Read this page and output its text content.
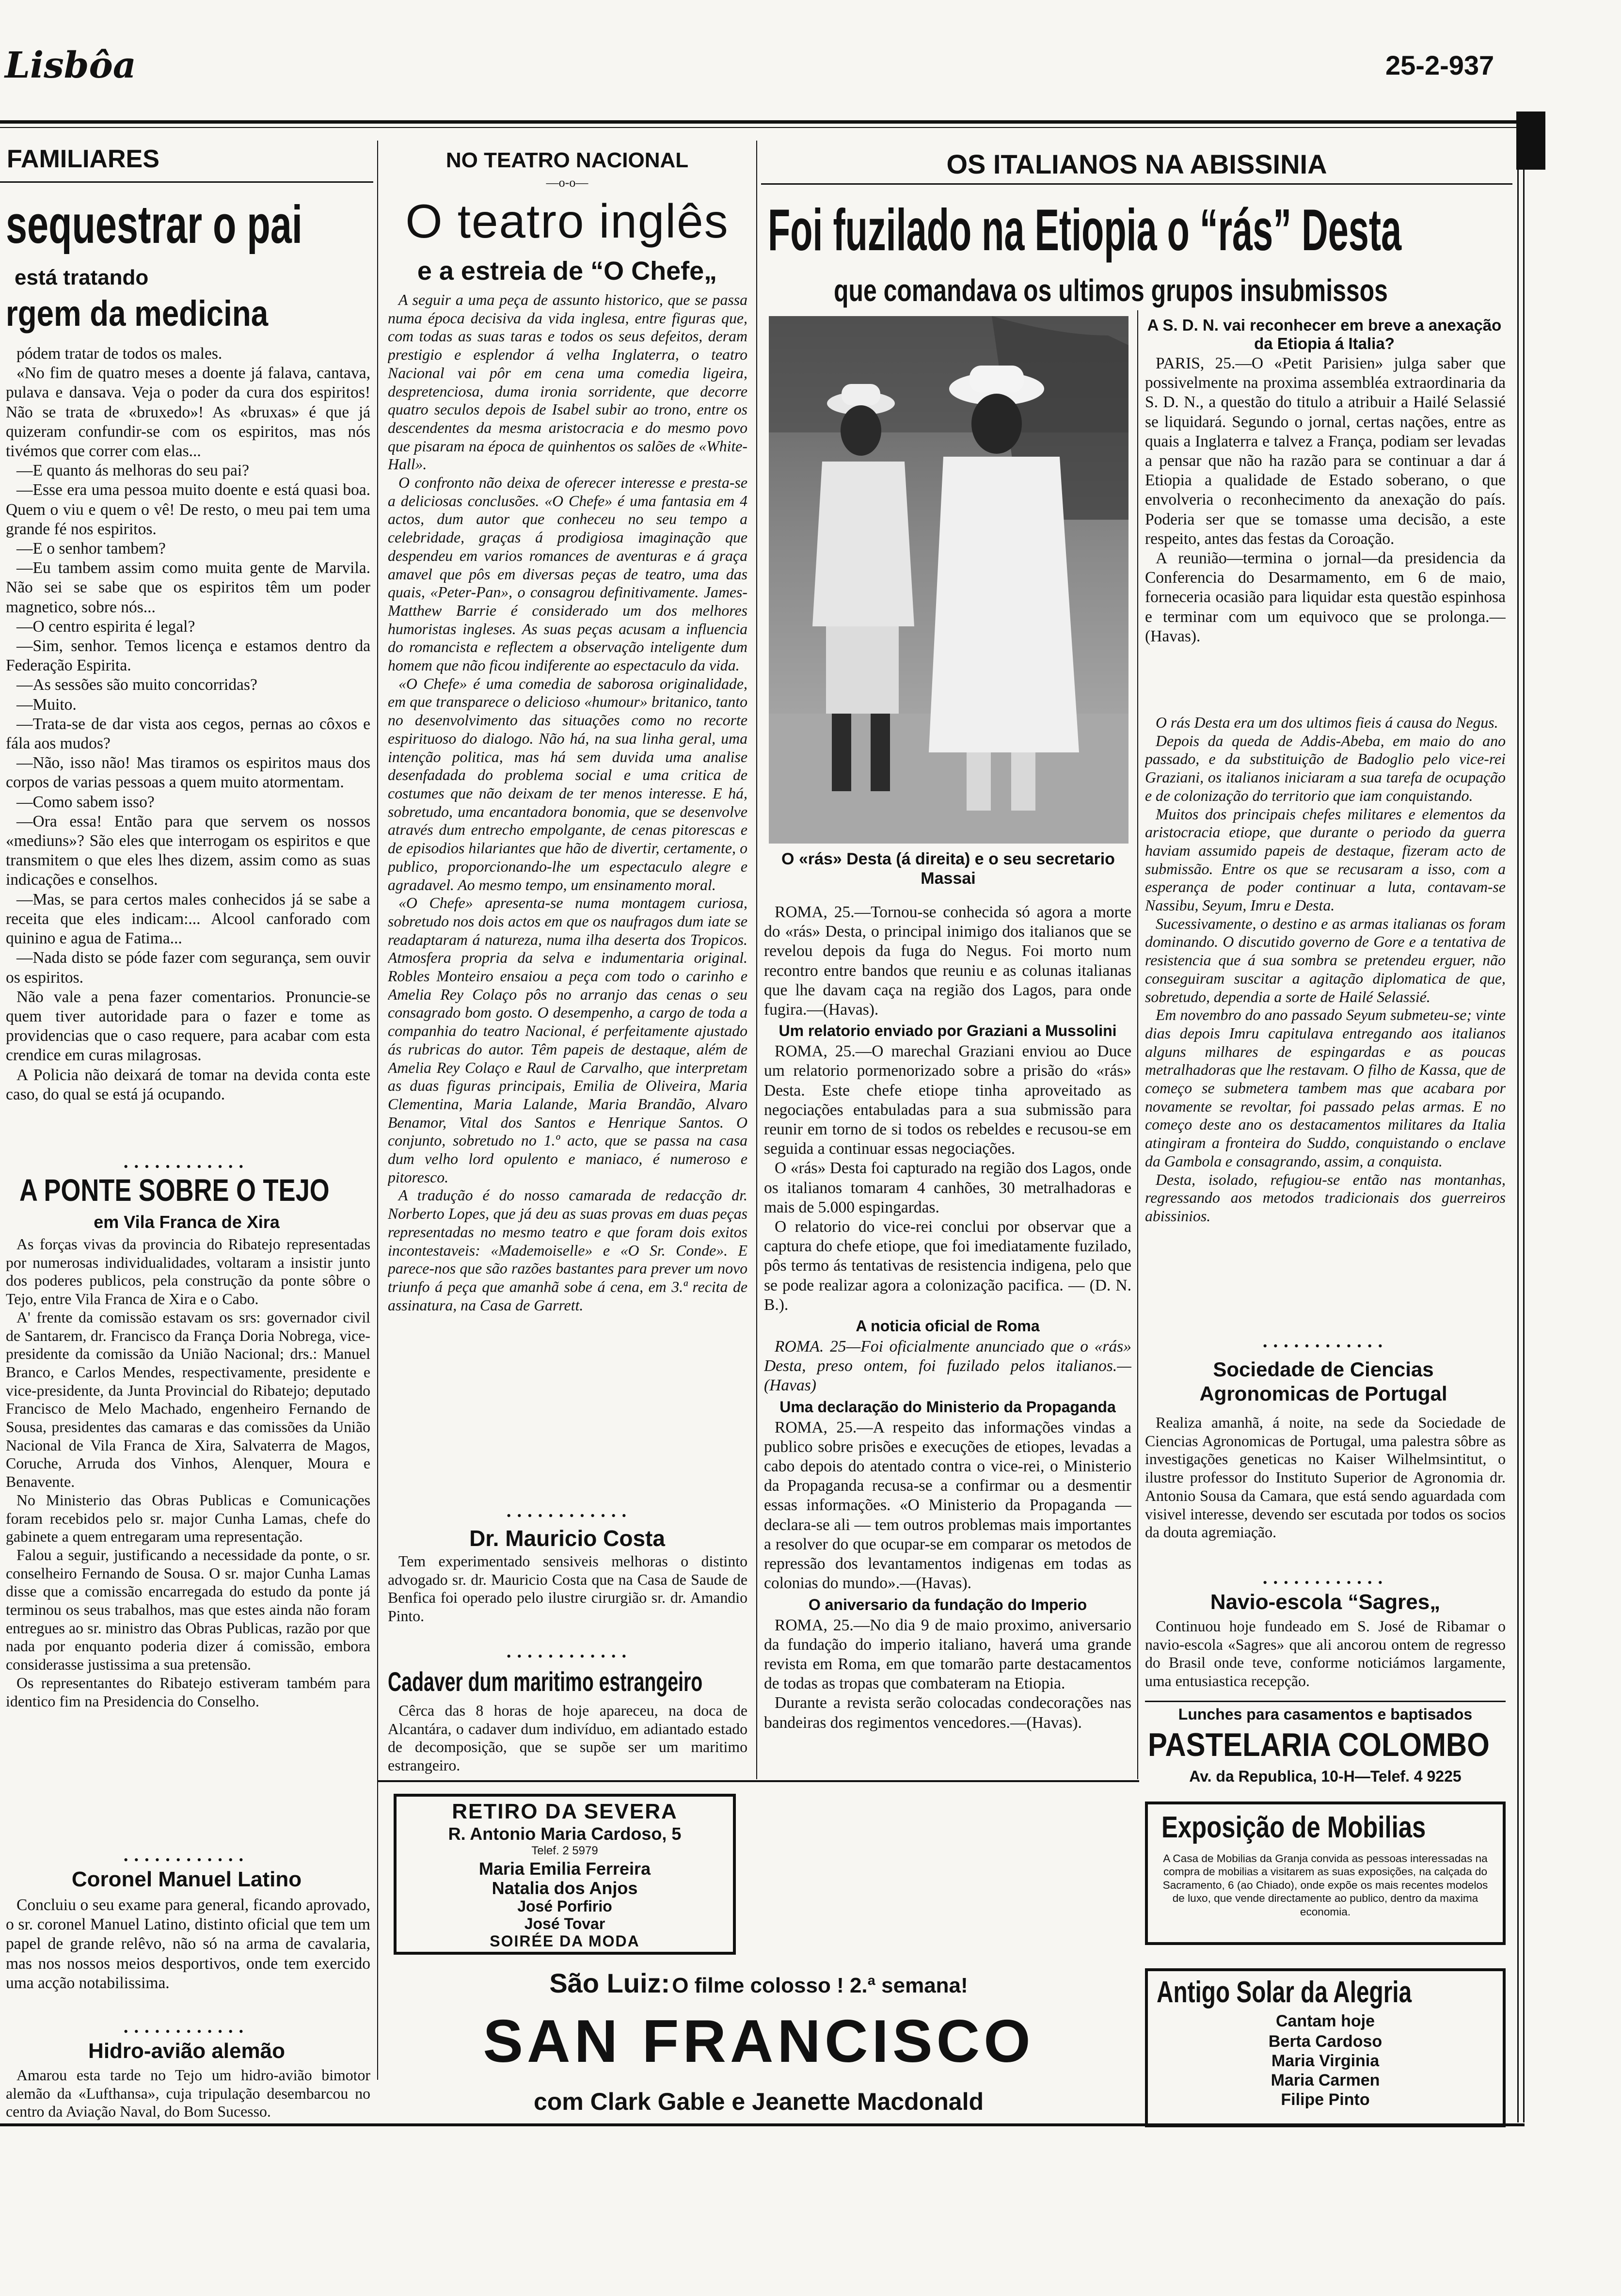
Lisbôa	25-2-937
FAMILIARES
sequestrar o pai
está tratando
rgem da medicina

pódem tratar de todos os males.

«No fim de quatro meses a doente já falava, cantava, pulava e dansava. Veja o poder da cura dos espiritos! Não se trata de «bruxedo»! As «bruxas» é que já quizeram confundir-se com os espiritos, mas nós tivémos que correr com elas...

—E quanto ás melhoras do seu pai?

—Esse era uma pessoa muito doente e está quasi boa. Quem o viu e quem o vê! De resto, o meu pai tem uma grande fé nos espiritos.

—E o senhor tambem?

—Eu tambem assim como muita gente de Marvila. Não sei se sabe que os espiritos têm um poder magnetico, sobre nós...

—O centro espirita é legal?

—Sim, senhor. Temos licença e estamos dentro da Federação Espirita.

—As sessões são muito concorridas?

—Muito.

—Trata-se de dar vista aos cegos, pernas ao côxos e fála aos mudos?

—Não, isso não! Mas tiramos os espiritos maus dos corpos de varias pessoas a quem muito atormentam.

—Como sabem isso?

—Ora essa! Então para que servem os nossos «mediuns»? São eles que interrogam os espiritos e que transmitem o que eles lhes dizem, assim como as suas indicações e conselhos.

—Mas, se para certos males conhecidos já se sabe a receita que eles indicam:... Alcool canforado com quinino e agua de Fatima...

—Nada disto se póde fazer com segurança, sem ouvir os espiritos.

Não vale a pena fazer comentarios. Pronuncie-se quem tiver autoridade para o fazer e tome as providencias que o caso requere, para acabar com esta crendice em curas milagrosas.

A Policia não deixará de tomar na devida conta este caso, do qual se está já ocupando.

• • • • • • • • • • • •
A PONTE SOBRE O TEJO
em Vila Franca de Xira

As forças vivas da provincia do Ribatejo representadas por numerosas individualidades, voltaram a insistir junto dos poderes publicos, pela construção da ponte sôbre o Tejo, entre Vila Franca de Xira e o Cabo.

A' frente da comissão estavam os srs: governador civil de Santarem, dr. Francisco da França Doria Nobrega, vice-presidente da comissão da União Nacional; drs.: Manuel Branco, e Carlos Mendes, respectivamente, presidente e vice-presidente, da Junta Provincial do Ribatejo; deputado Francisco de Melo Machado, engenheiro Fernando de Sousa, presidentes das camaras e das comissões da União Nacional de Vila Franca de Xira, Salvaterra de Magos, Coruche, Arruda dos Vinhos, Alenquer, Moura e Benavente.

No Ministerio das Obras Publicas e Comunicações foram recebidos pelo sr. major Cunha Lamas, chefe do gabinete a quem entregaram uma representação.

Falou a seguir, justificando a necessidade da ponte, o sr. conselheiro Fernando de Sousa. O sr. major Cunha Lamas disse que a comissão encarregada do estudo da ponte já terminou os seus trabalhos, mas que estes ainda não foram entregues ao sr. ministro das Obras Publicas, razão por que nada por enquanto poderia dizer á comissão, embora considerasse justissima a sua pretensão.

Os representantes do Ribatejo estiveram também para identico fim na Presidencia do Conselho.

• • • • • • • • • • • •
Coronel Manuel Latino

Concluiu o seu exame para general, ficando aprovado, o sr. coronel Manuel Latino, distinto oficial que tem um papel de grande relêvo, não só na arma de cavalaria, mas nos nossos meios desportivos, onde tem exercido uma acção notabilissima.

• • • • • • • • • • • •
Hidro-avião alemão

Amarou esta tarde no Tejo um hidro-avião bimotor alemão da «Lufthansa», cuja tripulação desembarcou no centro da Aviação Naval, do Bom Sucesso.

NO TEATRO NACIONAL
—o-o—
O teatro inglês
e a estreia de “O Chefe„

A seguir a uma peça de assunto historico, que se passa numa época decisiva da vida inglesa, entre figuras que, com todas as suas taras e todos os seus defeitos, deram prestigio e esplendor á velha Inglaterra, o teatro Nacional vai pôr em cena uma comedia ligeira, despretenciosa, duma ironia sorridente, que decorre quatro seculos depois de Isabel subir ao trono, entre os descendentes da mesma aristocracia e do mesmo povo que pisaram na época de quinhentos os salões de «White-Hall».

O confronto não deixa de oferecer interesse e presta-se a deliciosas conclusões. «O Chefe» é uma fantasia em 4 actos, dum autor que conheceu no seu tempo a celebridade, graças á prodigiosa imaginação que despendeu em varios romances de aventuras e á graça amavel que pôs em diversas peças de teatro, uma das quais, «Peter-Pan», o consagrou definitivamente. James-Matthew Barrie é considerado um dos melhores humoristas ingleses. As suas peças acusam a influencia do romancista e reflectem a observação inteligente dum homem que não ficou indiferente ao espectaculo da vida.

«O Chefe» é uma comedia de saborosa originalidade, em que transparece o delicioso «humour» britanico, tanto no desenvolvimento das situações como no recorte espirituoso do dialogo. Não há, na sua linha geral, uma intenção politica, mas há sem duvida uma analise desenfadada do problema social e uma critica de costumes que não deixam de ter menos interesse. E há, sobretudo, uma encantadora bonomia, que se desenvolve através dum entrecho empolgante, de cenas pitorescas e de episodios hilariantes que hão de divertir, certamente, o publico, proporcionando-lhe um espectaculo alegre e agradavel. Ao mesmo tempo, um ensinamento moral.

«O Chefe» apresenta-se numa montagem curiosa, sobretudo nos dois actos em que os naufragos dum iate se readaptaram á natureza, numa ilha deserta dos Tropicos. Atmosfera propria da selva e indumentaria original. Robles Monteiro ensaiou a peça com todo o carinho e Amelia Rey Colaço pôs no arranjo das cenas o seu consagrado bom gosto. O desempenho, a cargo de toda a companhia do teatro Nacional, é perfeitamente ajustado ás rubricas do autor. Têm papeis de destaque, além de Amelia Rey Colaço e Raul de Carvalho, que interpretam as duas figuras principais, Emilia de Oliveira, Maria Clementina, Maria Lalande, Maria Brandão, Alvaro Benamor, Vital dos Santos e Henrique Santos. O conjunto, sobretudo no 1.º acto, que se passa na casa dum velho lord opulento e maniaco, é numeroso e pitoresco.

A tradução é do nosso camarada de redacção dr. Norberto Lopes, que já deu as suas provas em duas peças representadas no mesmo teatro e que foram dois exitos incontestaveis: «Mademoiselle» e «O Sr. Conde». E parece-nos que são razões bastantes para prever um novo triunfo á peça que amanhã sobe á cena, em 3.ª recita de assinatura, na Casa de Garrett.

• • • • • • • • • • • •
Dr. Mauricio Costa

Tem experimentado sensiveis melhoras o distinto advogado sr. dr. Mauricio Costa que na Casa de Saude de Benfica foi operado pelo ilustre cirurgião sr. dr. Amandio Pinto.

• • • • • • • • • • • •
Cadaver dum maritimo estrangeiro

Cêrca das 8 horas de hoje apareceu, na doca de Alcantára, o cadaver dum indivíduo, em adiantado estado de decomposição, que se supõe ser um maritimo estrangeiro.

RETIRO DA SEVERA
R. Antonio Maria Cardoso, 5
Telef. 2 5979
Maria Emilia Ferreira
Natalia dos Anjos
José Porfirio
José Tovar
SOIRÉE DA MODA
OS ITALIANOS NA ABISSINIA
Foi fuzilado na Etiopia o “rás” Desta
que comandava os ultimos grupos insubmissos
O «rás» Desta (á direita) e o seu secretario Massai

ROMA, 25.—Tornou-se conhecida só agora a morte do «rás» Desta, o principal inimigo dos italianos que se revelou depois da fuga do Negus. Foi morto num recontro entre bandos que reuniu e as colunas italianas que lhe davam caça na região dos Lagos, para onde fugira.—(Havas).

Um relatorio enviado por Graziani a Mussolini

ROMA, 25.—O marechal Graziani enviou ao Duce um relatorio pormenorizado sobre a prisão do «rás» Desta. Este chefe etiope tinha aproveitado as negociações entabuladas para a sua submissão para reunir em torno de si todos os rebeldes e recusou-se em seguida a continuar essas negociações.

O «rás» Desta foi capturado na região dos Lagos, onde os italianos tomaram 4 canhões, 30 metralhadoras e mais de 5.000 espingardas.

O relatorio do vice-rei conclui por observar que a captura do chefe etiope, que foi imediatamente fuzilado, pôs termo ás tentativas de resistencia indigena, pelo que se pode realizar agora a colonização pacifica. — (D. N. B.).

A noticia oficial de Roma

ROMA. 25—Foi oficialmente anunciado que o «rás» Desta, preso ontem, foi fuzilado pelos italianos.—(Havas)

Uma declaração do Ministerio da Propaganda

ROMA, 25.—A respeito das informações vindas a publico sobre prisões e execuções de etiopes, levadas a cabo depois do atentado contra o vice-rei, o Ministerio da Propaganda recusa-se a confirmar ou a desmentir essas informações. «O Ministerio da Propaganda — declara-se ali — tem outros problemas mais importantes a resolver do que ocupar-se em comparar os metodos de repressão dos levantamentos indigenas em todas as colonias do mundo».—(Havas).

O aniversario da fundação do Imperio

ROMA, 25.—No dia 9 de maio proximo, aniversario da fundação do imperio italiano, haverá uma grande revista em Roma, em que tomarão parte destacamentos de todas as tropas que combateram na Etiopia.

Durante a revista serão colocadas condecorações nas bandeiras dos regimentos vencedores.—(Havas).

A S. D. N. vai reconhecer em breve a anexação da Etiopia á Italia?

PARIS, 25.—O «Petit Parisien» julga saber que possivelmente na proxima assembléa extraordinaria da S. D. N., a questão do titulo a atribuir a Hailé Selassié se liquidará. Segundo o jornal, certas nações, entre as quais a Inglaterra e talvez a França, podiam ser levadas a pensar que não ha razão para se continuar a dar á Etiopia a qualidade de Estado soberano, o que envolveria o reconhecimento da anexação do país. Poderia ser que se tomasse uma decisão, a este respeito, antes das festas da Coroação.

A reunião—termina o jornal—da presidencia da Conferencia do Desarmamento, em 6 de maio, forneceria ocasião para liquidar esta questão espinhosa e terminar com um equivoco que se prolonga.—(Havas).

O rás Desta era um dos ultimos fieis á causa do Negus.

Depois da queda de Addis-Abeba, em maio do ano passado, e da substituição de Badoglio pelo vice-rei Graziani, os italianos iniciaram a sua tarefa de ocupação e de colonização do territorio que iam conquistando.

Muitos dos principais chefes militares e elementos da aristocracia etiope, que durante o periodo da guerra haviam assumido papeis de destaque, fizeram acto de submissão. Entre os que se recusaram a isso, com a esperança de poder continuar a luta, contavam-se Nassibu, Seyum, Imru e Desta.

Sucessivamente, o destino e as armas italianas os foram dominando. O discutido governo de Gore e a tentativa de resistencia que á sua sombra se pretendeu erguer, não conseguiram suscitar a agitação diplomatica de que, sobretudo, dependia a sorte de Hailé Selassié.

Em novembro do ano passado Seyum submeteu-se; vinte dias depois Imru capitulava entregando aos italianos alguns milhares de espingardas e as poucas metralhadoras que lhe restavam. O filho de Kassa, que de começo se submetera tambem mas que acabara por novamente se revoltar, foi passado pelas armas. E no começo deste ano os destacamentos militares da Italia atingiram a fronteira do Suddo, conquistando o enclave da Gambola e consagrando, assim, a conquista.

Desta, isolado, refugiou-se então nas montanhas, regressando aos metodos tradicionais dos guerreiros abissinios.

• • • • • • • • • • • •
Sociedade de Ciencias Agronomicas de Portugal

Realiza amanhã, á noite, na sede da Sociedade de Ciencias Agronomicas de Portugal, uma palestra sôbre as investigações geneticas no Kaiser Wilhelmsintitut, o ilustre professor do Instituto Superior de Agronomia dr. Antonio Sousa da Camara, que está sendo aguardada com visivel interesse, devendo ser escutada por todos os socios da douta agremiação.

• • • • • • • • • • • •
Navio-escola “Sagres„

Continuou hoje fundeado em S. José de Ribamar o navio-escola «Sagres» que ali ancorou ontem de regresso do Brasil onde teve, conforme noticiámos largamente, uma entusiastica recepção.

Lunches para casamentos e baptisados
PASTELARIA COLOMBO
Av. da Republica, 10-H—Telef. 4 9225
Exposição de Mobilias
A Casa de Mobilias da Granja convida as pessoas interessadas na compra de mobilias a visitarem as suas exposições, na calçada do Sacramento, 6 (ao Chiado), onde expõe os mais recentes modelos de luxo, que vende directamente ao publico, dentro da maxima economia.
Antigo Solar da Alegria
Cantam hoje
Berta Cardoso
Maria Virginia
Maria Carmen
Filipe Pinto
São Luiz: O filme colosso ! 2.ª semana!
SAN FRANCISCO
com Clark Gable e Jeanette Macdonald
